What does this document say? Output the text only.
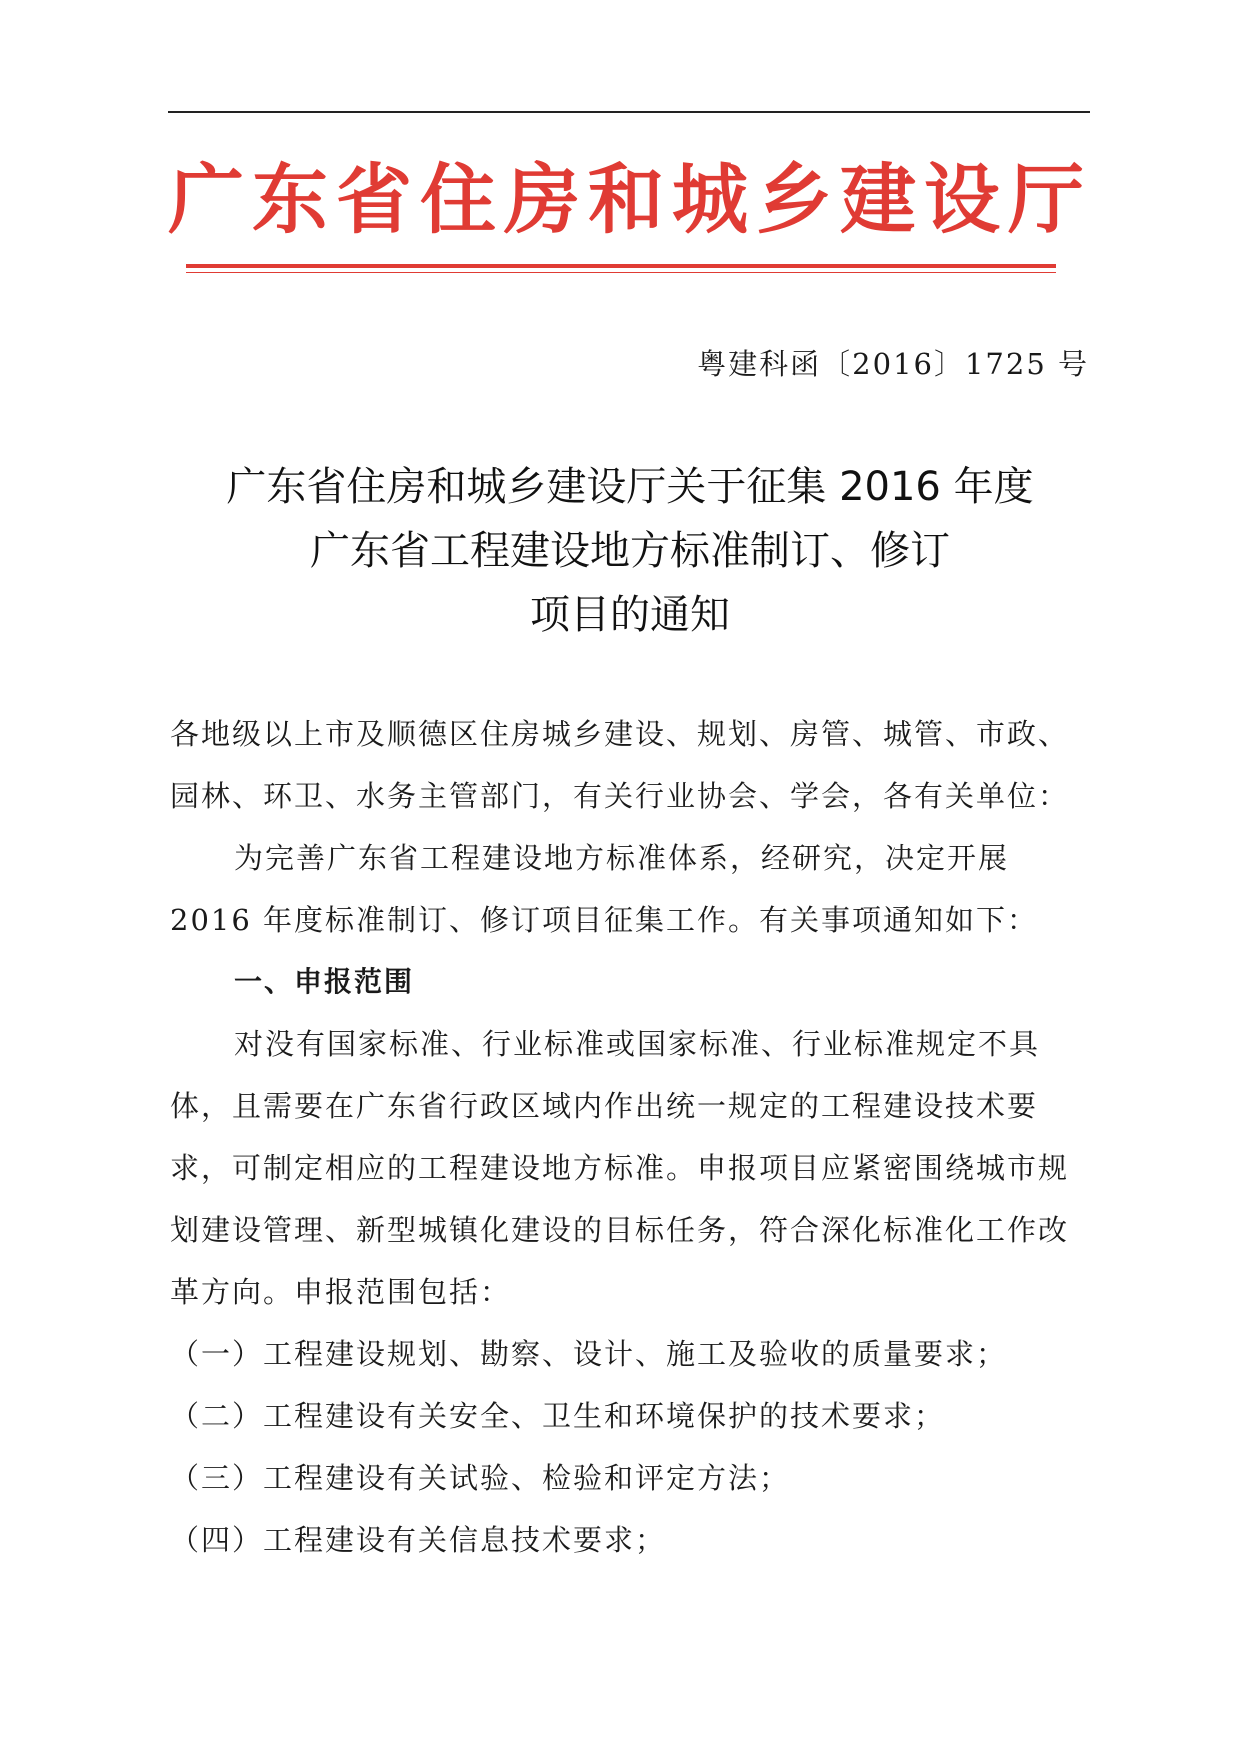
广东省住房和城乡建设厅
粤建科函〔2016〕1725 号
广东省住房和城乡建设厅关于征集 2016 年度
广东省工程建设地方标准制订、修订
项目的通知

各地级以上市及顺德区住房城乡建设、规划、房管、城管、市政、园林、环卫、水务主管部门，有关行业协会、学会，各有关单位：

为完善广东省工程建设地方标准体系，经研究，决定开展 2016 年度标准制订、修订项目征集工作。有关事项通知如下：

一、申报范围

对没有国家标准、行业标准或国家标准、行业标准规定不具体，且需要在广东省行政区域内作出统一规定的工程建设技术要求，可制定相应的工程建设地方标准。申报项目应紧密围绕城市规划建设管理、新型城镇化建设的目标任务，符合深化标准化工作改革方向。申报范围包括：

（一）工程建设规划、勘察、设计、施工及验收的质量要求；

（二）工程建设有关安全、卫生和环境保护的技术要求；

（三）工程建设有关试验、检验和评定方法；

（四）工程建设有关信息技术要求；
